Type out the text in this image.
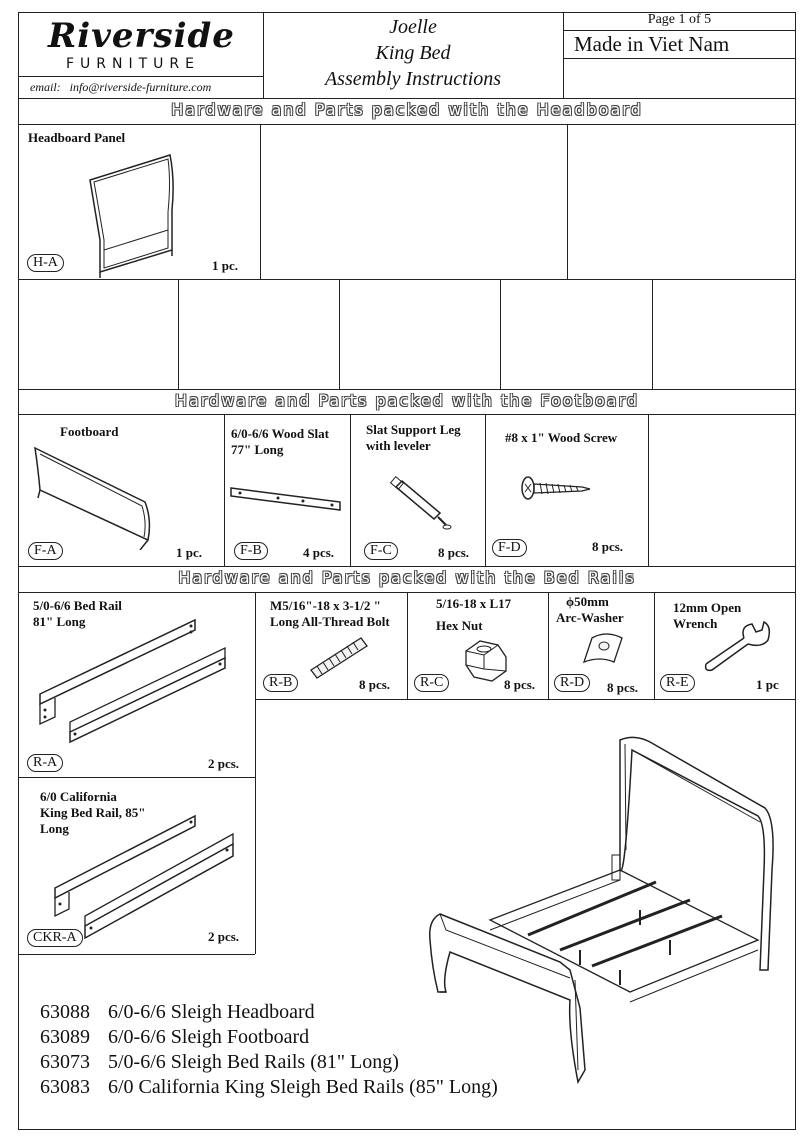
Riverside
FURNITURE
email: info@riverside-furniture.com
Joelle
King Bed
Assembly Instructions
Page 1 of 5
Made in Viet Nam
Hardware and Parts packed with the Headboard
Headboard Panel
H-A	1 pc.
Hardware and Parts packed with the Footboard
Footboard
F-A	1 pc.
6/0-6/6 Wood Slat
77" Long
F-B	4 pcs.
Slat Support Leg
with leveler
F-C	8 pcs.
#8 x 1" Wood Screw
F-D	8 pcs.
Hardware and Parts packed with the Bed Rails
5/0-6/6 Bed Rail
81" Long
R-A	2 pcs.
M5/16"-18 x 3-1/2 "
Long All-Thread Bolt
R-B	8 pcs.
5/16-18 x L17
Hex Nut
R-C	8 pcs.
ϕ50mm
Arc-Washer
R-D	8 pcs.
12mm Open
Wrench
R-E	1 pc
6/0 California
King Bed Rail, 85"
Long
CKR-A	2 pcs.
63088 6/0-6/6 Sleigh Headboard
63089 6/0-6/6 Sleigh Footboard
63073 5/0-6/6 Sleigh Bed Rails (81" Long)
63083 6/0 California King Sleigh Bed Rails (85" Long)
